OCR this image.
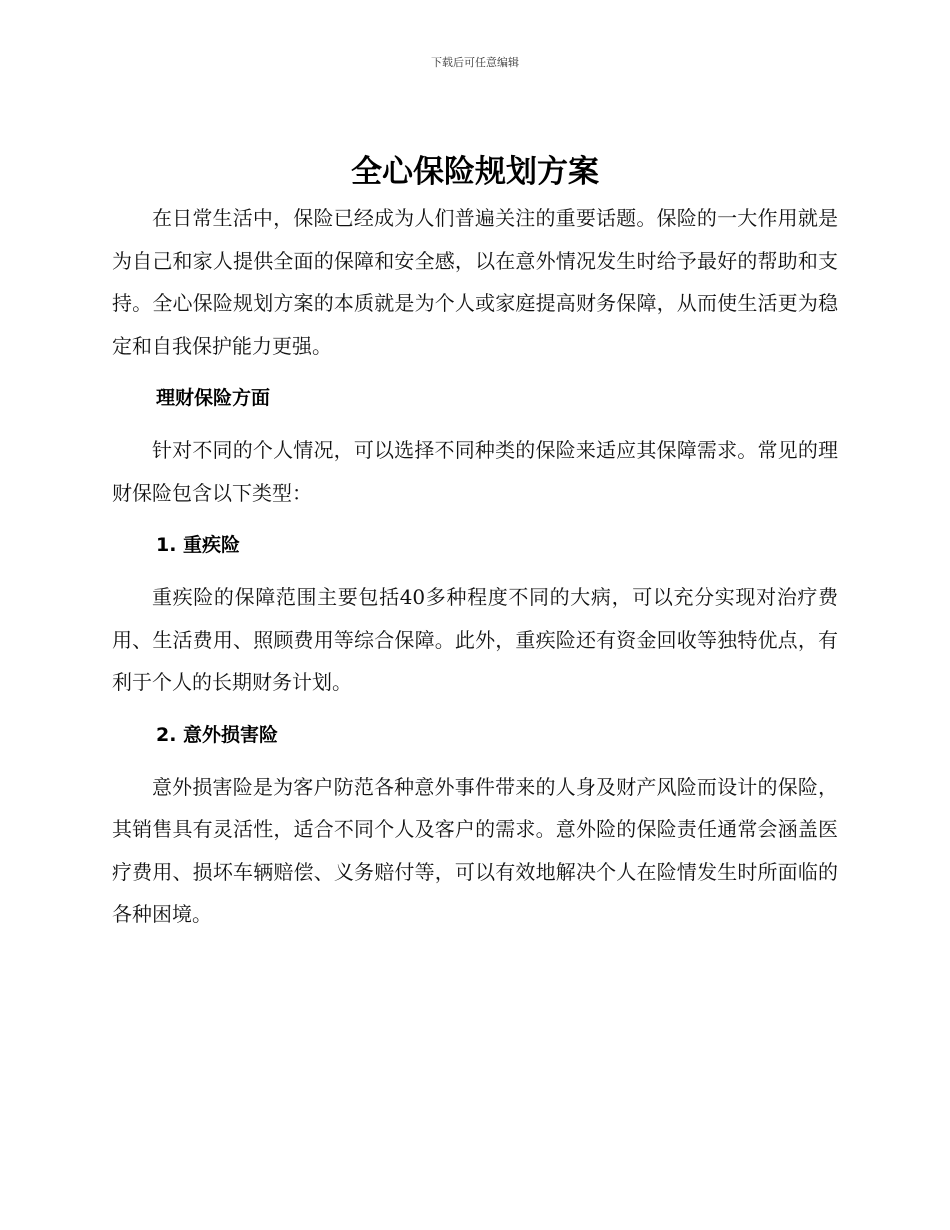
下载后可任意编辑
全心保险规划方案

在日常生活中，保险已经成为人们普遍关注的重要话题。保险的一大作用就是为自己和家人提供全面的保障和安全感，以在意外情况发生时给予最好的帮助和支持。全心保险规划方案的本质就是为个人或家庭提高财务保障，从而使生活更为稳定和自我保护能力更强。

理财保险方面

针对不同的个人情况，可以选择不同种类的保险来适应其保障需求。常见的理财保险包含以下类型：

1. 重疾险

重疾险的保障范围主要包括40多种程度不同的大病，可以充分实现对治疗费用、生活费用、照顾费用等综合保障。此外，重疾险还有资金回收等独特优点，有利于个人的长期财务计划。

2. 意外损害险

意外损害险是为客户防范各种意外事件带来的人身及财产风险而设计的保险，其销售具有灵活性，适合不同个人及客户的需求。意外险的保险责任通常会涵盖医疗费用、损坏车辆赔偿、义务赔付等，可以有效地解决个人在险情发生时所面临的各种困境。
